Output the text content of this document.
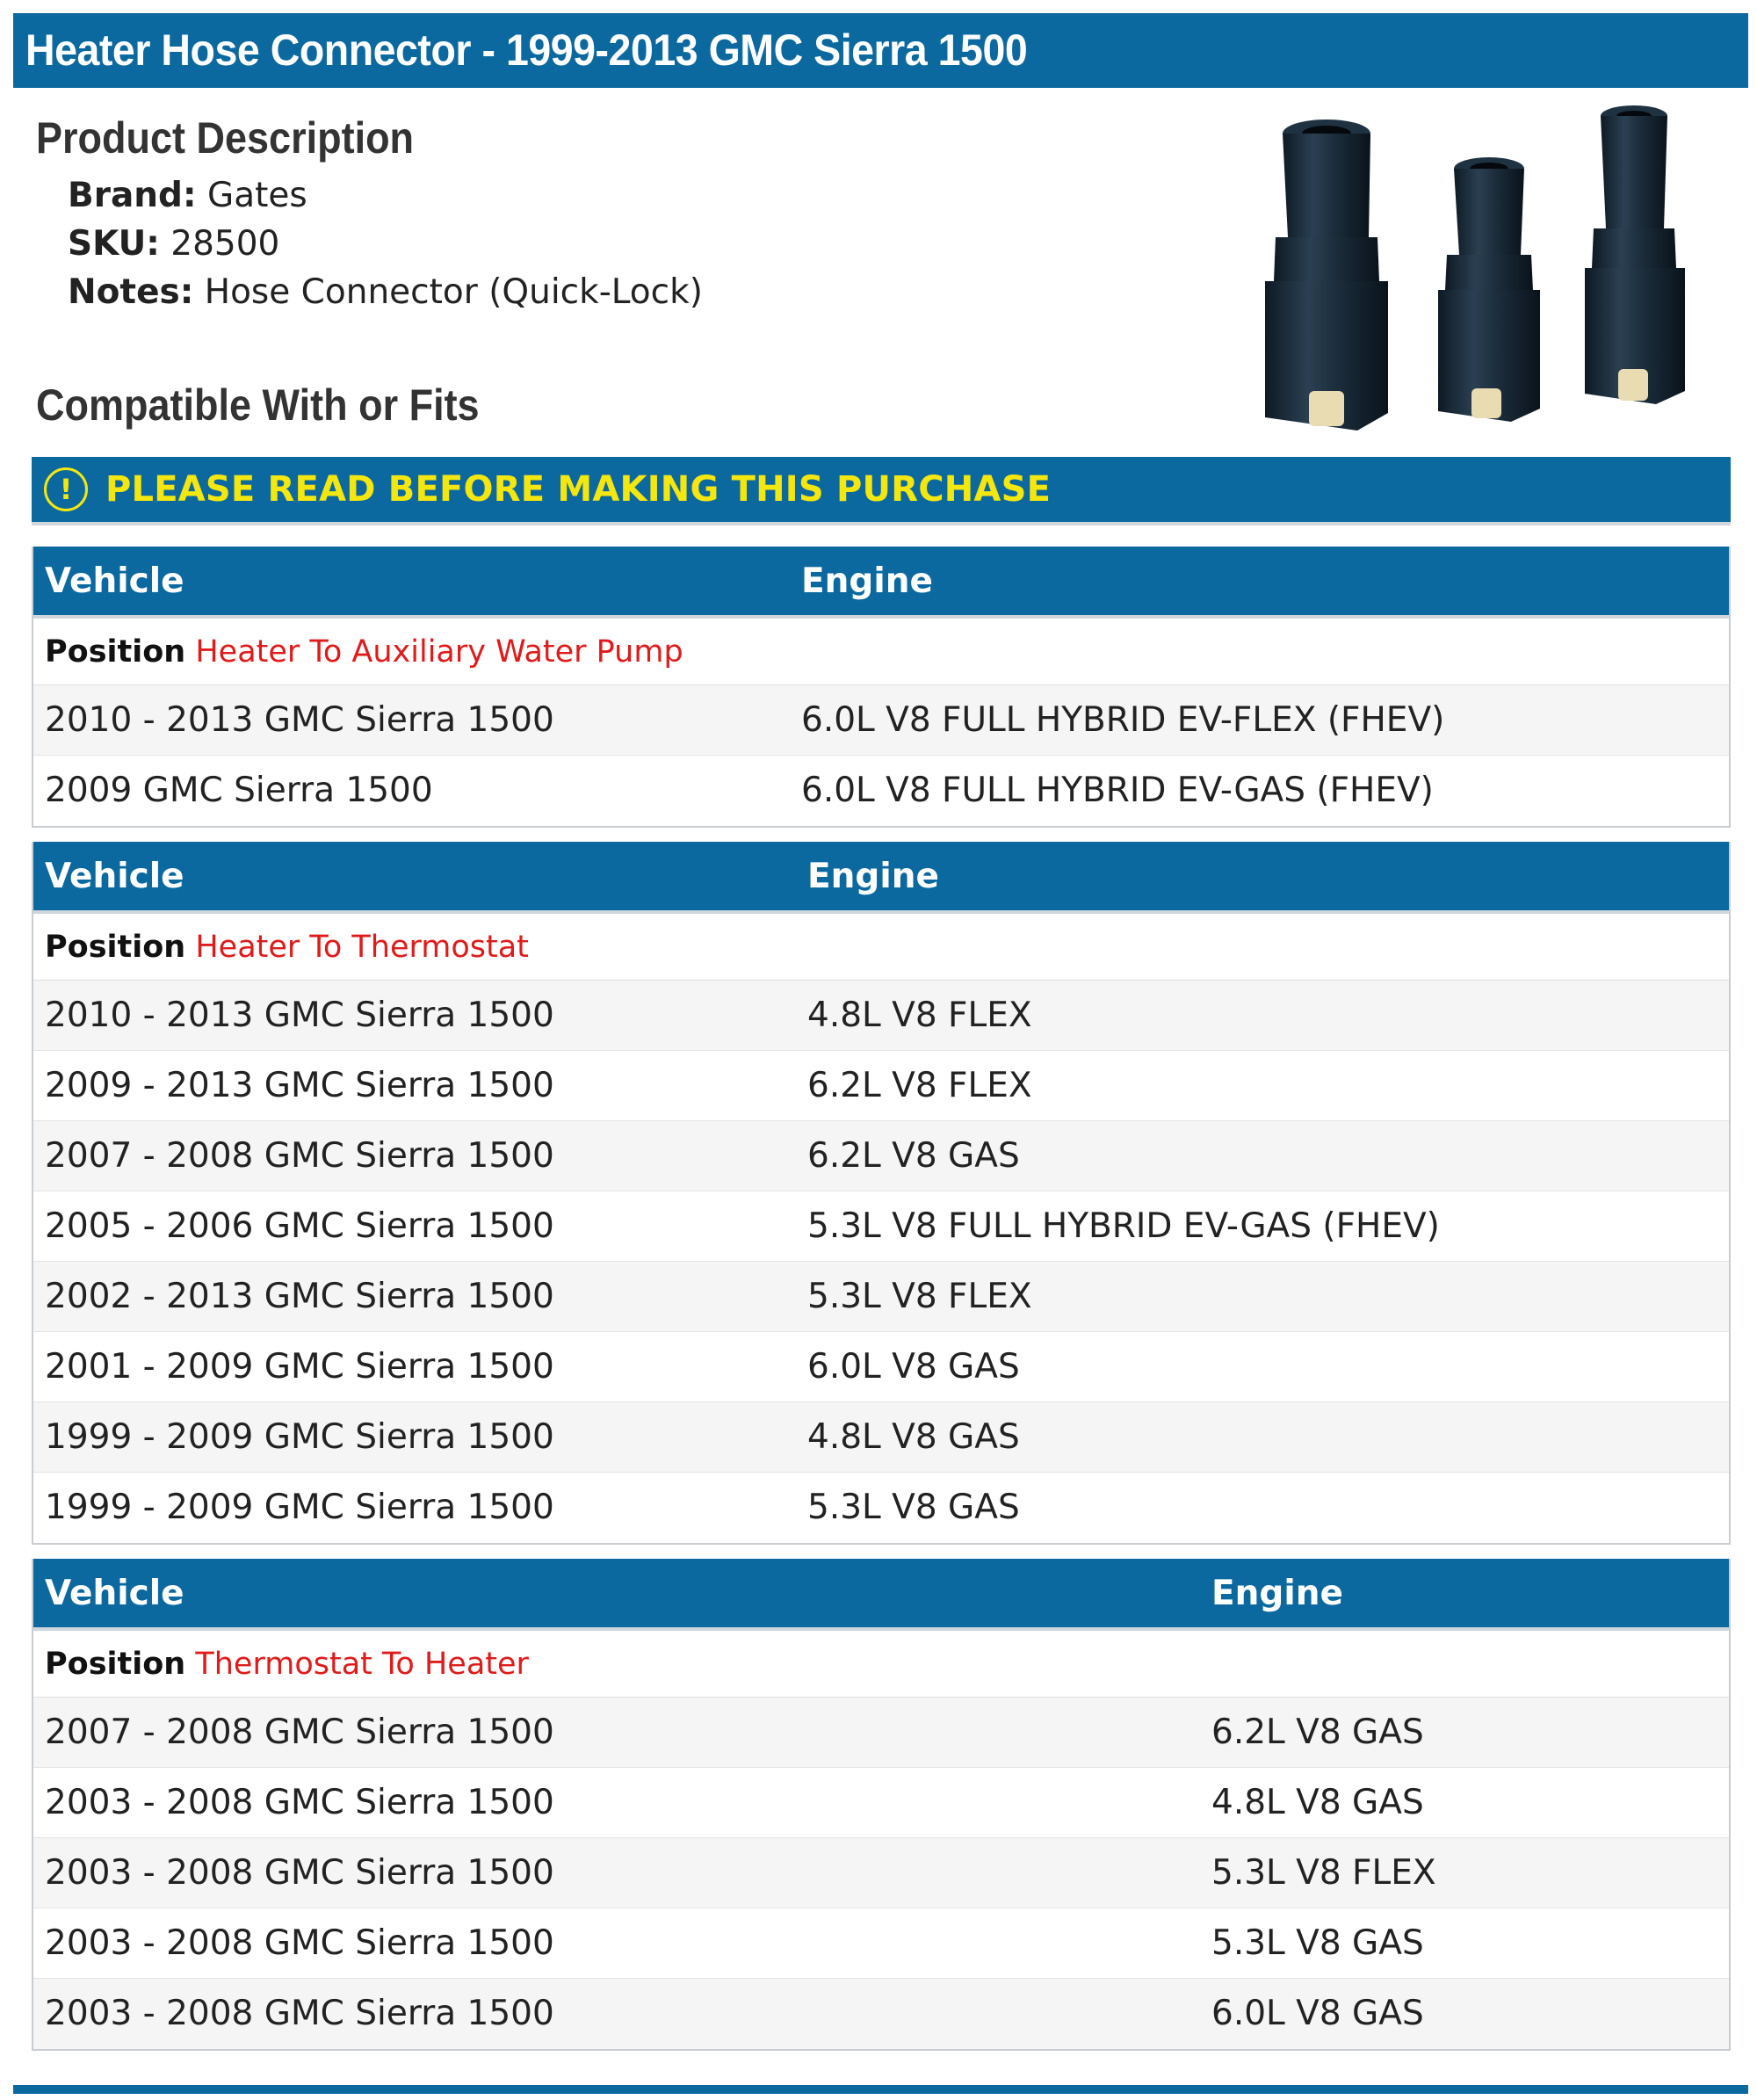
Heater Hose Connector - 1999-2013 GMC Sierra 1500
Product Description
Brand: Gates
SKU: 28500
Notes: Hose Connector (Quick-Lock)
Compatible With or Fits
! PLEASE READ BEFORE MAKING THIS PURCHASE
Vehicle	Engine
Position Heater To Auxiliary Water Pump
2010 - 2013 GMC Sierra 1500	6.0L V8 FULL HYBRID EV-FLEX (FHEV)
2009 GMC Sierra 1500	6.0L V8 FULL HYBRID EV-GAS (FHEV)
Vehicle	Engine
Position Heater To Thermostat
2010 - 2013 GMC Sierra 1500	4.8L V8 FLEX
2009 - 2013 GMC Sierra 1500	6.2L V8 FLEX
2007 - 2008 GMC Sierra 1500	6.2L V8 GAS
2005 - 2006 GMC Sierra 1500	5.3L V8 FULL HYBRID EV-GAS (FHEV)
2002 - 2013 GMC Sierra 1500	5.3L V8 FLEX
2001 - 2009 GMC Sierra 1500	6.0L V8 GAS
1999 - 2009 GMC Sierra 1500	4.8L V8 GAS
1999 - 2009 GMC Sierra 1500	5.3L V8 GAS
Vehicle	Engine
Position Thermostat To Heater
2007 - 2008 GMC Sierra 1500	6.2L V8 GAS
2003 - 2008 GMC Sierra 1500	4.8L V8 GAS
2003 - 2008 GMC Sierra 1500	5.3L V8 FLEX
2003 - 2008 GMC Sierra 1500	5.3L V8 GAS
2003 - 2008 GMC Sierra 1500	6.0L V8 GAS
